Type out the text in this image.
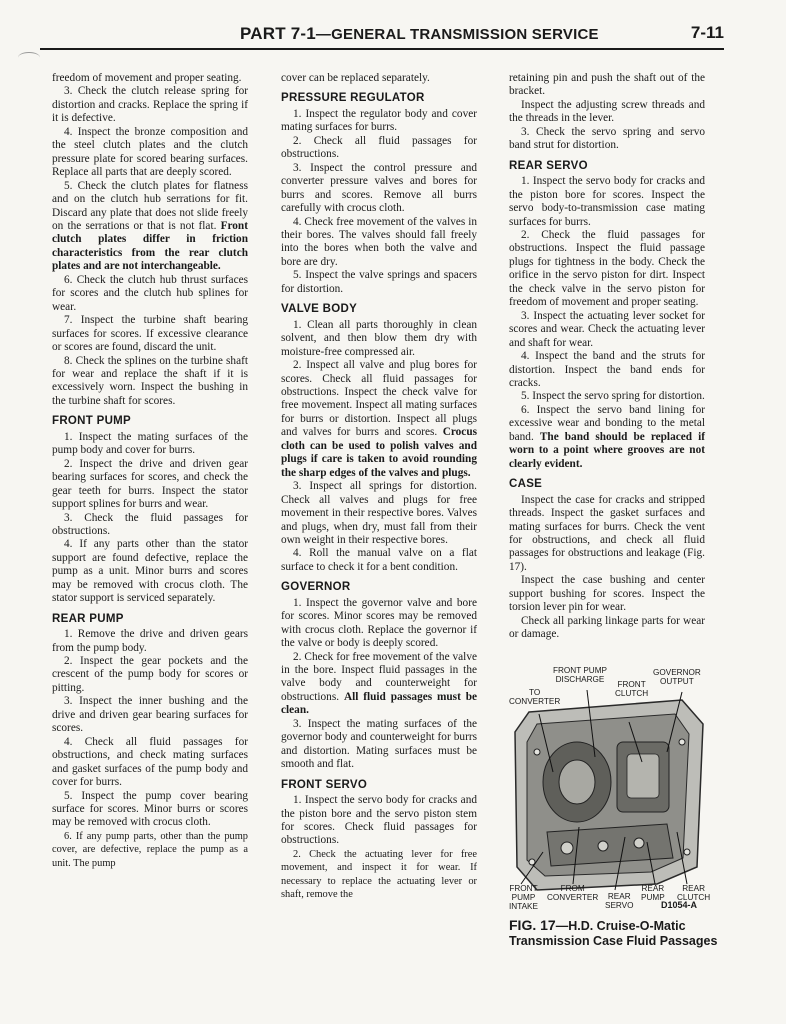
PART 7-1—GENERAL TRANSMISSION SERVICE	7-11

freedom of movement and proper seating.

3. Check the clutch release spring for distortion and cracks. Replace the spring if it is defective.

4. Inspect the bronze composition and the steel clutch plates and the clutch pressure plate for scored bearing surfaces. Replace all parts that are deeply scored.

5. Check the clutch plates for flatness and on the clutch hub serrations for fit. Discard any plate that does not slide freely on the serrations or that is not flat. Front clutch plates differ in friction characteristics from the rear clutch plates and are not interchangeable.

6. Check the clutch hub thrust surfaces for scores and the clutch hub splines for wear.

7. Inspect the turbine shaft bearing surfaces for scores. If excessive clearance or scores are found, discard the unit.

8. Check the splines on the turbine shaft for wear and replace the shaft if it is excessively worn. Inspect the bushing in the turbine shaft for scores.

FRONT PUMP

1. Inspect the mating surfaces of the pump body and cover for burrs.

2. Inspect the drive and driven gear bearing surfaces for scores, and check the gear teeth for burrs. Inspect the stator support splines for burrs and wear.

3. Check the fluid passages for obstructions.

4. If any parts other than the stator support are found defective, replace the pump as a unit. Minor burrs and scores may be removed with crocus cloth. The stator support is serviced separately.

REAR PUMP

1. Remove the drive and driven gears from the pump body.

2. Inspect the gear pockets and the crescent of the pump body for scores or pitting.

3. Inspect the inner bushing and the drive and driven gear bearing surfaces for scores.

4. Check all fluid passages for obstructions, and check mating surfaces and gasket surfaces of the pump body and cover for burrs.

5. Inspect the pump cover bearing surface for scores. Minor burrs or scores may be removed with crocus cloth.

6. If any pump parts, other than the pump cover, are defective, replace the pump as a unit. The pump

cover can be replaced separately.

PRESSURE REGULATOR

1. Inspect the regulator body and cover mating surfaces for burrs.

2. Check all fluid passages for obstructions.

3. Inspect the control pressure and converter pressure valves and bores for burrs and scores. Remove all burrs carefully with crocus cloth.

4. Check free movement of the valves in their bores. The valves should fall freely into the bores when both the valve and bore are dry.

5. Inspect the valve springs and spacers for distortion.

VALVE BODY

1. Clean all parts thoroughly in clean solvent, and then blow them dry with moisture-free compressed air.

2. Inspect all valve and plug bores for scores. Check all fluid passages for obstructions. Inspect the check valve for free movement. Inspect all mating surfaces for burrs or distortion. Inspect all plugs and valves for burrs and scores. Crocus cloth can be used to polish valves and plugs if care is taken to avoid rounding the sharp edges of the valves and plugs.

3. Inspect all springs for distortion. Check all valves and plugs for free movement in their respective bores. Valves and plugs, when dry, must fall from their own weight in their respective bores.

4. Roll the manual valve on a flat surface to check it for a bent condition.

GOVERNOR

1. Inspect the governor valve and bore for scores. Minor scores may be removed with crocus cloth. Replace the governor if the valve or body is deeply scored.

2. Check for free movement of the valve in the bore. Inspect fluid passages in the valve body and counterweight for obstructions. All fluid passages must be clean.

3. Inspect the mating surfaces of the governor body and counterweight for burrs and distortion. Mating surfaces must be smooth and flat.

FRONT SERVO

1. Inspect the servo body for cracks and the piston bore and the servo piston stem for scores. Check fluid passages for obstructions.

2. Check the actuating lever for free movement, and inspect it for wear. If necessary to replace the actuating lever or shaft, remove the

retaining pin and push the shaft out of the bracket.

Inspect the adjusting screw threads and the threads in the lever.

3. Check the servo spring and servo band strut for distortion.

REAR SERVO

1. Inspect the servo body for cracks and the piston bore for scores. Inspect the servo body-to-transmission case mating surfaces for burrs.

2. Check the fluid passages for obstructions. Inspect the fluid passage plugs for tightness in the body. Check the orifice in the servo piston for dirt. Inspect the check valve in the servo piston for freedom of movement and proper seating.

3. Inspect the actuating lever socket for scores and wear. Check the actuating lever and shaft for wear.

4. Inspect the band and the struts for distortion. Inspect the band ends for cracks.

5. Inspect the servo spring for distortion.

6. Inspect the servo band lining for excessive wear and bonding to the metal band. The band should be replaced if worn to a point where grooves are not clearly evident.

CASE

Inspect the case for cracks and stripped threads. Inspect the gasket surfaces and mating surfaces for burrs. Check the vent for obstructions, and check all fluid passages for obstructions and leakage (Fig. 17).

Inspect the case bushing and center support bushing for scores. Inspect the torsion lever pin for wear.

Check all parking linkage parts for wear or damage.

FRONT PUMP
DISCHARGE
GOVERNOR
OUTPUT
FRONT
CLUTCH
TO
CONVERTER
FRONT
PUMP
INTAKE
FROM
CONVERTER	REAR
SERVO
REAR
PUMP
REAR
CLUTCH
D1054-A
FIG. 17—H.D. Cruise-O-Matic Transmission Case Fluid Passages
